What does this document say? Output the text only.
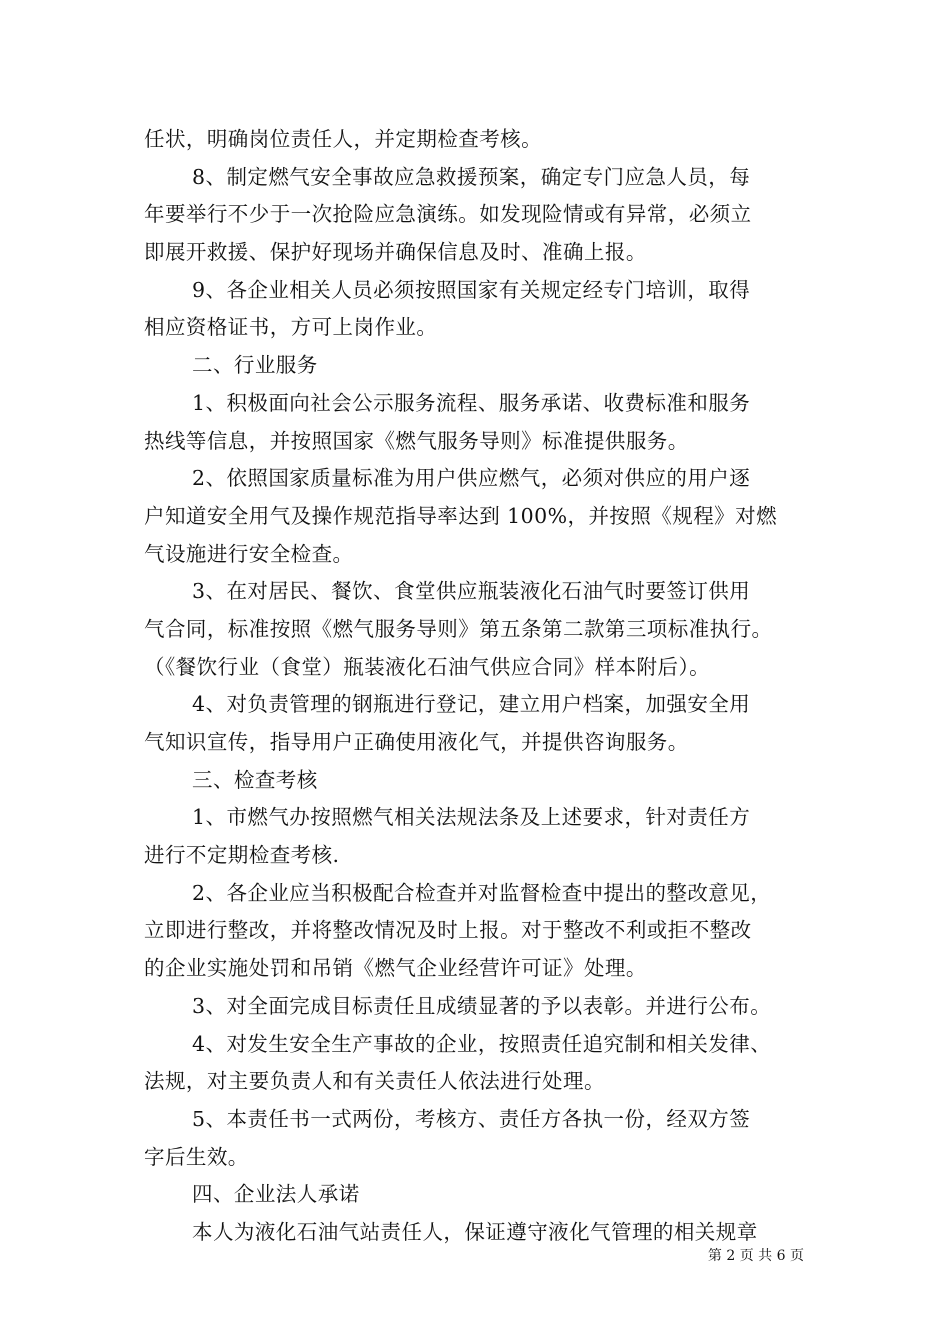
任状，明确岗位责任人，并定期检查考核。
8、制定燃气安全事故应急救援预案，确定专门应急人员，每
年要举行不少于一次抢险应急演练。如发现险情或有异常，必须立
即展开救援、保护好现场并确保信息及时、准确上报。
9、各企业相关人员必须按照国家有关规定经专门培训，取得
相应资格证书，方可上岗作业。
二、行业服务
1、积极面向社会公示服务流程、服务承诺、收费标准和服务
热线等信息，并按照国家《燃气服务导则》标准提供服务。
2、依照国家质量标准为用户供应燃气，必须对供应的用户逐
户知道安全用气及操作规范指导率达到 100%，并按照《规程》对燃
气设施进行安全检查。
3、在对居民、餐饮、食堂供应瓶装液化石油气时要签订供用
气合同，标准按照《燃气服务导则》第五条第二款第三项标准执行。
（《餐饮行业（食堂）瓶装液化石油气供应合同》样本附后）。
4、对负责管理的钢瓶进行登记，建立用户档案，加强安全用
气知识宣传，指导用户正确使用液化气，并提供咨询服务。
三、检查考核
1、市燃气办按照燃气相关法规法条及上述要求，针对责任方
进行不定期检查考核.
2、各企业应当积极配合检查并对监督检查中提出的整改意见，
立即进行整改，并将整改情况及时上报。对于整改不利或拒不整改
的企业实施处罚和吊销《燃气企业经营许可证》处理。
3、对全面完成目标责任且成绩显著的予以表彰。并进行公布。
4、对发生安全生产事故的企业，按照责任追究制和相关发律、
法规，对主要负责人和有关责任人依法进行处理。
5、本责任书一式两份，考核方、责任方各执一份，经双方签
字后生效。
四、企业法人承诺
本人为液化石油气站责任人，保证遵守液化气管理的相关规章
第 2 页 共 6 页
